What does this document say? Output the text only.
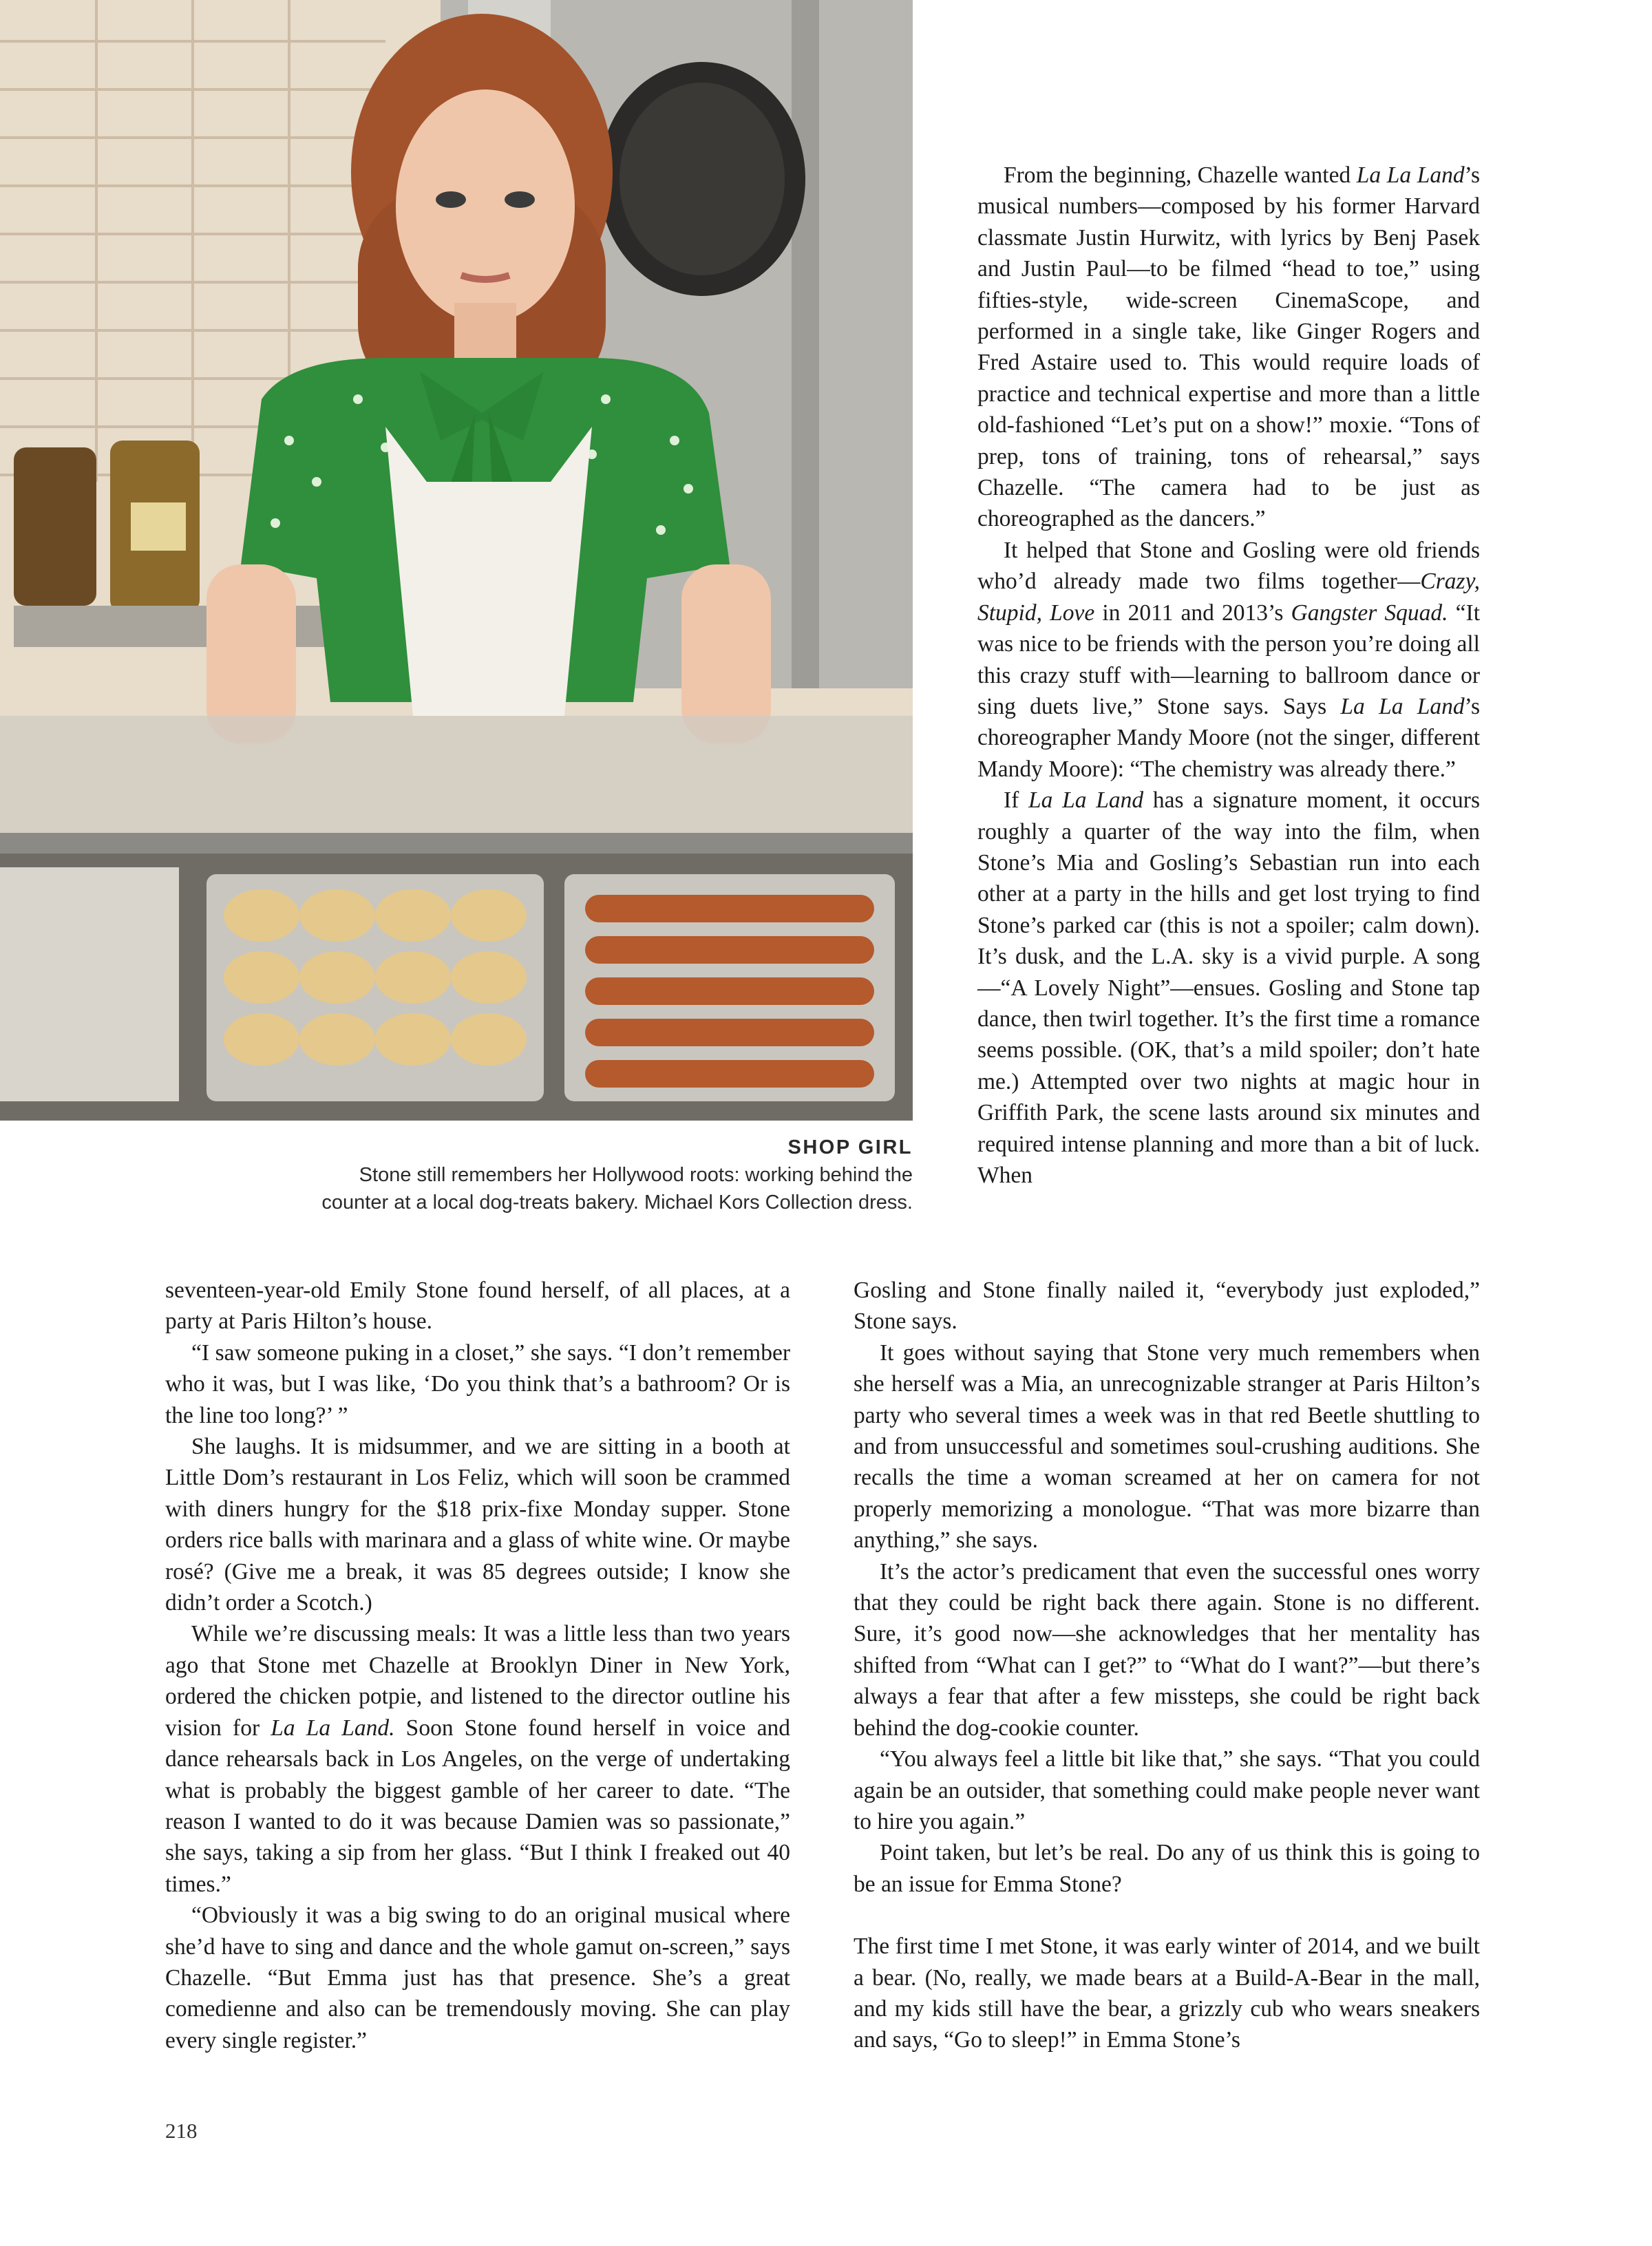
SHOP GIRL
Stone still remembers her Hollywood roots: working behind the
counter at a local dog-treats bakery. Michael Kors Collection dress.

From the beginning, Chazelle wanted La La Land’s musical numbers—composed by his former Harvard classmate Justin Hurwitz, with lyrics by Benj Pasek and Justin Paul—to be filmed “head to toe,” using fifties-style, wide-screen CinemaScope, and performed in a single take, like Ginger Rogers and Fred Astaire used to. This would require loads of practice and technical expertise and more than a little old-fashioned “Let’s put on a show!” moxie. “Tons of prep, tons of training, tons of rehearsal,” says Chazelle. “The camera had to be just as choreographed as the dancers.”

It helped that Stone and Gosling were old friends who’d already made two films together—Crazy, Stupid, Love in 2011 and 2013’s Gangster Squad. “It was nice to be friends with the person you’re doing all this crazy stuff with—learning to ballroom dance or sing duets live,” Stone says. Says La La Land’s choreographer Mandy Moore (not the singer, different Mandy Moore): “The chemistry was already there.”

If La La Land has a signature moment, it occurs roughly a quarter of the way into the film, when Stone’s Mia and Gosling’s Sebastian run into each other at a party in the hills and get lost trying to find Stone’s parked car (this is not a spoiler; calm down). It’s dusk, and the L.A. sky is a vivid purple. A song—“A Lovely Night”—ensues. Gosling and Stone tap dance, then twirl together. It’s the first time a romance seems possible. (OK, that’s a mild spoiler; don’t hate me.) Attempted over two nights at magic hour in Griffith Park, the scene lasts around six minutes and required intense planning and more than a bit of luck. When

seventeen-year-old Emily Stone found herself, of all places, at a party at Paris Hilton’s house.

“I saw someone puking in a closet,” she says. “I don’t remember who it was, but I was like, ‘Do you think that’s a bathroom? Or is the line too long?’ ”

She laughs. It is midsummer, and we are sitting in a booth at Little Dom’s restaurant in Los Feliz, which will soon be crammed with diners hungry for the $18 prix-fixe Monday supper. Stone orders rice balls with marinara and a glass of white wine. Or maybe rosé? (Give me a break, it was 85 degrees outside; I know she didn’t order a Scotch.)

While we’re discussing meals: It was a little less than two years ago that Stone met Chazelle at Brooklyn Diner in New York, ordered the chicken potpie, and listened to the director outline his vision for La La Land. Soon Stone found herself in voice and dance rehearsals back in Los Angeles, on the verge of undertaking what is probably the biggest gamble of her career to date. “The reason I wanted to do it was because Damien was so passionate,” she says, taking a sip from her glass. “But I think I freaked out 40 times.”

“Obviously it was a big swing to do an original musical where she’d have to sing and dance and the whole gamut on-screen,” says Chazelle. “But Emma just has that presence. She’s a great comedienne and also can be tremendously moving. She can play every single register.”

Gosling and Stone finally nailed it, “everybody just exploded,” Stone says.

It goes without saying that Stone very much remembers when she herself was a Mia, an unrecognizable stranger at Paris Hilton’s party who several times a week was in that red Beetle shuttling to and from unsuccessful and sometimes soul-crushing auditions. She recalls the time a woman screamed at her on camera for not properly memorizing a monologue. “That was more bizarre than anything,” she says.

It’s the actor’s predicament that even the successful ones worry that they could be right back there again. Stone is no different. Sure, it’s good now—she acknowledges that her mentality has shifted from “What can I get?” to “What do I want?”—but there’s always a fear that after a few missteps, she could be right back behind the dog-cookie counter.

“You always feel a little bit like that,” she says. “That you could again be an outsider, that something could make people never want to hire you again.”

Point taken, but let’s be real. Do any of us think this is going to be an issue for Emma Stone?

The first time I met Stone, it was early winter of 2014, and we built a bear. (No, really, we made bears at a Build-A-Bear in the mall, and my kids still have the bear, a grizzly cub who wears sneakers and says, “Go to sleep!” in Emma Stone’s

218
